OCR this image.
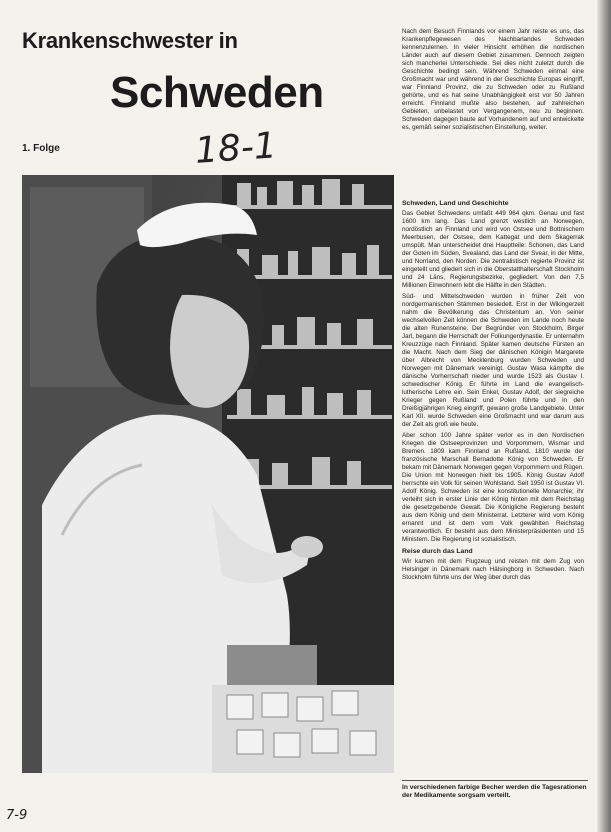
Krankenschwester in
Schweden
1. Folge	18-1

Nach dem Besuch Finnlands vor einem Jahr reiste es uns, das Krankenpflegewesen des Nachbarlandes Schweden kennenzulernen. In vieler Hinsicht erhöhen die nordischen Länder auch auf diesem Gebiet zusammen. Dennoch zeigten sich mancherlei Unterschiede. Sei dies nicht zuletzt durch die Geschichte bedingt sein. Während Schweden einmal eine Großmacht war und während in der Geschichte Europas eingriff, war Finnland Provinz, die zu Schweden oder zu Rußland gehörte, und es hat seine Unabhängigkeit erst vor 50 Jahren erreicht. Finnland mußte also bestehen, auf zahlreichen Gebieten, unbelastet von Vergangenem, neu zu beginnen. Schweden dagegen baute auf Vorhandenem auf und entwickelte es, gemäß seiner sozialistischen Einstellung, weiter.

Schweden, Land und Geschichte

Das Gebiet Schwedens umfaßt 449 964 qkm. Genau und fast 1600 km lang. Das Land grenzt westlich an Norwegen, nordöstlich an Finnland und wird von Ostsee und Bottnischem Meerbusen, der Ostsee, dem Kattegat und dem Skagerrak umspült. Man unterscheidet drei Hauptteile: Schonen, das Land der Goten im Süden, Svealand, das Land der Svear, in der Mitte, und Norrland, den Norden. Die zentralistisch regierte Provinz ist eingeteilt und gliedert sich in die Oberstatthalterschaft Stockholm und 24 Läns, Regierungsbezirke, gegliedert. Von den 7,5 Millionen Einwohnern lebt die Hälfte in den Städten.

Süd- und Mittelschweden wurden in früher Zeit von nordgermanischen Stämmen besiedelt. Erst in der Wikingerzeit nahm die Bevölkerung das Christentum an. Von seiner wechselvollen Zeit können die Schweden im Lande noch heute die alten Runensteine. Der Begründer von Stockholm, Birger Jarl, begann die Herrschaft der Folkungerdynastie. Er unternahm Kreuzzüge nach Finnland. Später kamen deutsche Fürsten an die Macht. Nach dem Sieg der dänischen Königin Margarete über Albrecht von Mecklenburg wurden Schweden und Norwegen mit Dänemark vereinigt. Gustav Wasa kämpfte die dänische Vorherrschaft nieder und wurde 1523 als Gustav I. schwedischer König. Er führte im Land die evangelisch-lutherische Lehre ein. Sein Enkel, Gustav Adolf, der siegreiche Krieger gegen Rußland und Polen führte und in den Dreißigjährigen Krieg eingriff, gewann große Landgebiete. Unter Karl XII. wurde Schweden eine Großmacht und war darum aus der Zeit als groß wie heute.

Aber schon 100 Jahre später verlor es in den Nordischen Kriegen die Ostseeprovinzen und Vorpommern, Wismar und Bremen. 1809 kam Finnland an Rußland. 1810 wurde der französische Marschall Bernadotte König von Schweden. Er bekam mit Dänemark Norwegen gegen Vorpommern und Rügen. Die Union mit Norwegen hielt bis 1905. König Gustav Adolf herrschte ein Volk für seinen Wohlstand. Seit 1950 ist Gustav VI. Adolf König. Schweden ist eine konstitutionelle Monarchie; ihr verleiht sich in erster Linie der König hinten mit dem Reichstag die gesetzgebende Gewalt. Die Königliche Regierung besteht aus dem König und dem Ministerrat. Letzterer wird vom König ernannt und ist dem vom Volk gewählten Reichstag verantwortlich. Er besteht aus dem Ministerpräsidenten und 15 Ministern. Die Regierung ist sozialistisch.

Reise durch das Land

Wir kamen mit dem Flugzeug und reisten mit dem Zug von Helsingør in Dänemark nach Hälsingborg in Schweden. Nach Stockholm führte uns der Weg über durch das

In verschiedenen farbige Becher werden die Tagesrationen der Medikamente sorgsam verteilt.
7-9
